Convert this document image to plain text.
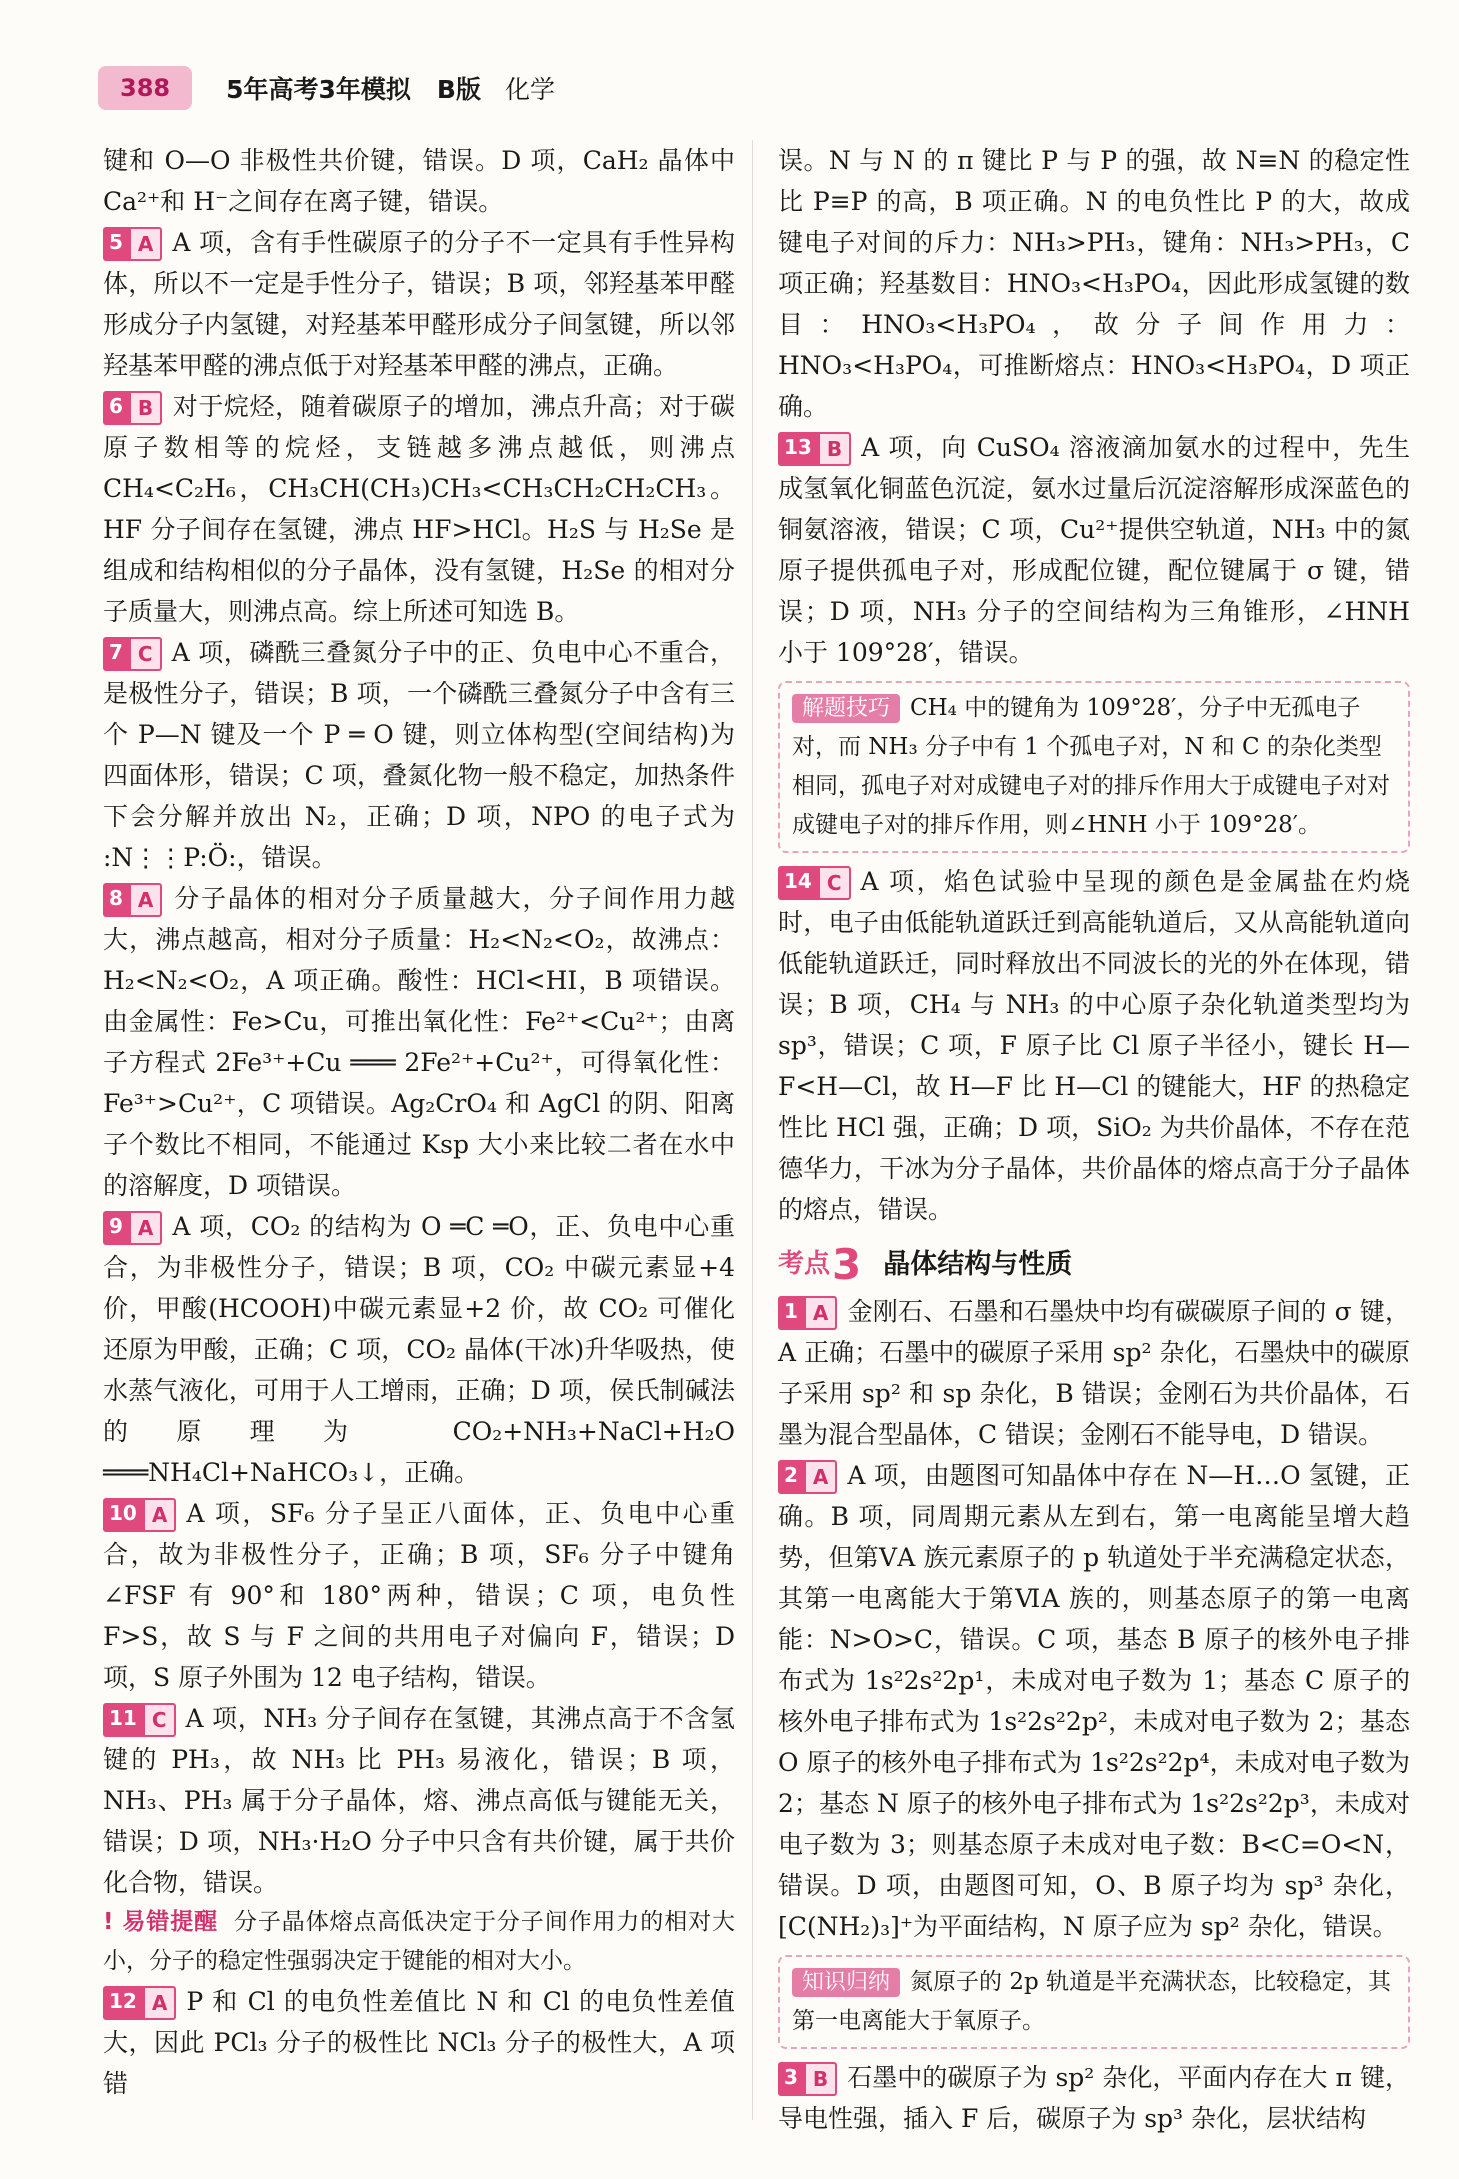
388	5年高考3年模拟 B版 化学

键和 O—O 非极性共价键，错误。D 项，CaH₂ 晶体中 Ca²⁺和 H⁻之间存在离子键，错误。

5 A A 项，含有手性碳原子的分子不一定具有手性异构体，所以不一定是手性分子，错误；B 项，邻羟基苯甲醛形成分子内氢键，对羟基苯甲醛形成分子间氢键，所以邻羟基苯甲醛的沸点低于对羟基苯甲醛的沸点，正确。

6 B 对于烷烃，随着碳原子的增加，沸点升高；对于碳原子数相等的烷烃，支链越多沸点越低，则沸点 CH₄<C₂H₆，CH₃CH(CH₃)CH₃<CH₃CH₂CH₂CH₃。HF 分子间存在氢键，沸点 HF>HCl。H₂S 与 H₂Se 是组成和结构相似的分子晶体，没有氢键，H₂Se 的相对分子质量大，则沸点高。综上所述可知选 B。

7 C A 项，磷酰三叠氮分子中的正、负电中心不重合，是极性分子，错误；B 项，一个磷酰三叠氮分子中含有三个 P—N 键及一个 P ═ O 键，则立体构型(空间结构)为四面体形，错误；C 项，叠氮化物一般不稳定，加热条件下会分解并放出 N₂，正确；D 项，NPO 的电子式为 :N⋮⋮P:Ö:，错误。

8 A 分子晶体的相对分子质量越大，分子间作用力越大，沸点越高，相对分子质量：H₂<N₂<O₂，故沸点：H₂<N₂<O₂，A 项正确。酸性：HCl<HI，B 项错误。由金属性：Fe>Cu，可推出氧化性：Fe²⁺<Cu²⁺；由离子方程式 2Fe³⁺+Cu ═══ 2Fe²⁺+Cu²⁺，可得氧化性：Fe³⁺>Cu²⁺，C 项错误。Ag₂CrO₄ 和 AgCl 的阴、阳离子个数比不相同，不能通过 Ksp 大小来比较二者在水中的溶解度，D 项错误。

9 A A 项，CO₂ 的结构为 O ═C ═O，正、负电中心重合，为非极性分子，错误；B 项，CO₂ 中碳元素显+4 价，甲酸(HCOOH)中碳元素显+2 价，故 CO₂ 可催化还原为甲酸，正确；C 项，CO₂ 晶体(干冰)升华吸热，使水蒸气液化，可用于人工增雨，正确；D 项，侯氏制碱法的原理为 CO₂+NH₃+NaCl+H₂O ═══NH₄Cl+NaHCO₃↓，正确。

10 A A 项，SF₆ 分子呈正八面体，正、负电中心重合，故为非极性分子，正确；B 项，SF₆ 分子中键角∠FSF 有 90°和 180°两种，错误；C 项，电负性 F>S，故 S 与 F 之间的共用电子对偏向 F，错误；D 项，S 原子外围为 12 电子结构，错误。

11 C A 项，NH₃ 分子间存在氢键，其沸点高于不含氢键的 PH₃，故 NH₃ 比 PH₃ 易液化，错误；B 项，NH₃、PH₃ 属于分子晶体，熔、沸点高低与键能无关，错误；D 项，NH₃·H₂O 分子中只含有共价键，属于共价化合物，错误。

! 易错提醒 分子晶体熔点高低决定于分子间作用力的相对大小，分子的稳定性强弱决定于键能的相对大小。

12 A P 和 Cl 的电负性差值比 N 和 Cl 的电负性差值大，因此 PCl₃ 分子的极性比 NCl₃ 分子的极性大，A 项错

误。N 与 N 的 π 键比 P 与 P 的强，故 N≡N 的稳定性比 P≡P 的高，B 项正确。N 的电负性比 P 的大，故成键电子对间的斥力：NH₃>PH₃，键角：NH₃>PH₃，C 项正确；羟基数目：HNO₃<H₃PO₄，因此形成氢键的数目：HNO₃<H₃PO₄，故分子间作用力：HNO₃<H₃PO₄，可推断熔点：HNO₃<H₃PO₄，D 项正确。

13 B A 项，向 CuSO₄ 溶液滴加氨水的过程中，先生成氢氧化铜蓝色沉淀，氨水过量后沉淀溶解形成深蓝色的铜氨溶液，错误；C 项，Cu²⁺提供空轨道，NH₃ 中的氮原子提供孤电子对，形成配位键，配位键属于 σ 键，错误；D 项，NH₃ 分子的空间结构为三角锥形，∠HNH 小于 109°28′，错误。

解题技巧 CH₄ 中的键角为 109°28′，分子中无孤电子对，而 NH₃ 分子中有 1 个孤电子对，N 和 C 的杂化类型相同，孤电子对对成键电子对的排斥作用大于成键电子对对成键电子对的排斥作用，则∠HNH 小于 109°28′。

14 C A 项，焰色试验中呈现的颜色是金属盐在灼烧时，电子由低能轨道跃迁到高能轨道后，又从高能轨道向低能轨道跃迁，同时释放出不同波长的光的外在体现，错误；B 项，CH₄ 与 NH₃ 的中心原子杂化轨道类型均为 sp³，错误；C 项，F 原子比 Cl 原子半径小，键长 H—F<H—Cl，故 H—F 比 H—Cl 的键能大，HF 的热稳定性比 HCl 强，正确；D 项，SiO₂ 为共价晶体，不存在范德华力，干冰为分子晶体，共价晶体的熔点高于分子晶体的熔点，错误。

考点 3 晶体结构与性质

1 A 金刚石、石墨和石墨炔中均有碳碳原子间的 σ 键，A 正确；石墨中的碳原子采用 sp² 杂化，石墨炔中的碳原子采用 sp² 和 sp 杂化，B 错误；金刚石为共价晶体，石墨为混合型晶体，C 错误；金刚石不能导电，D 错误。

2 A A 项，由题图可知晶体中存在 N—H…O 氢键，正确。B 项，同周期元素从左到右，第一电离能呈增大趋势，但第ⅤA 族元素原子的 p 轨道处于半充满稳定状态，其第一电离能大于第ⅥA 族的，则基态原子的第一电离能：N>O>C，错误。C 项，基态 B 原子的核外电子排布式为 1s²2s²2p¹，未成对电子数为 1；基态 C 原子的核外电子排布式为 1s²2s²2p²，未成对电子数为 2；基态 O 原子的核外电子排布式为 1s²2s²2p⁴，未成对电子数为 2；基态 N 原子的核外电子排布式为 1s²2s²2p³，未成对电子数为 3；则基态原子未成对电子数：B<C=O<N，错误。D 项，由题图可知，O、B 原子均为 sp³ 杂化，[C(NH₂)₃]⁺为平面结构，N 原子应为 sp² 杂化，错误。

知识归纳 氮原子的 2p 轨道是半充满状态，比较稳定，其第一电离能大于氧原子。

3 B 石墨中的碳原子为 sp² 杂化，平面内存在大 π 键，导电性强，插入 F 后，碳原子为 sp³ 杂化，层状结构
